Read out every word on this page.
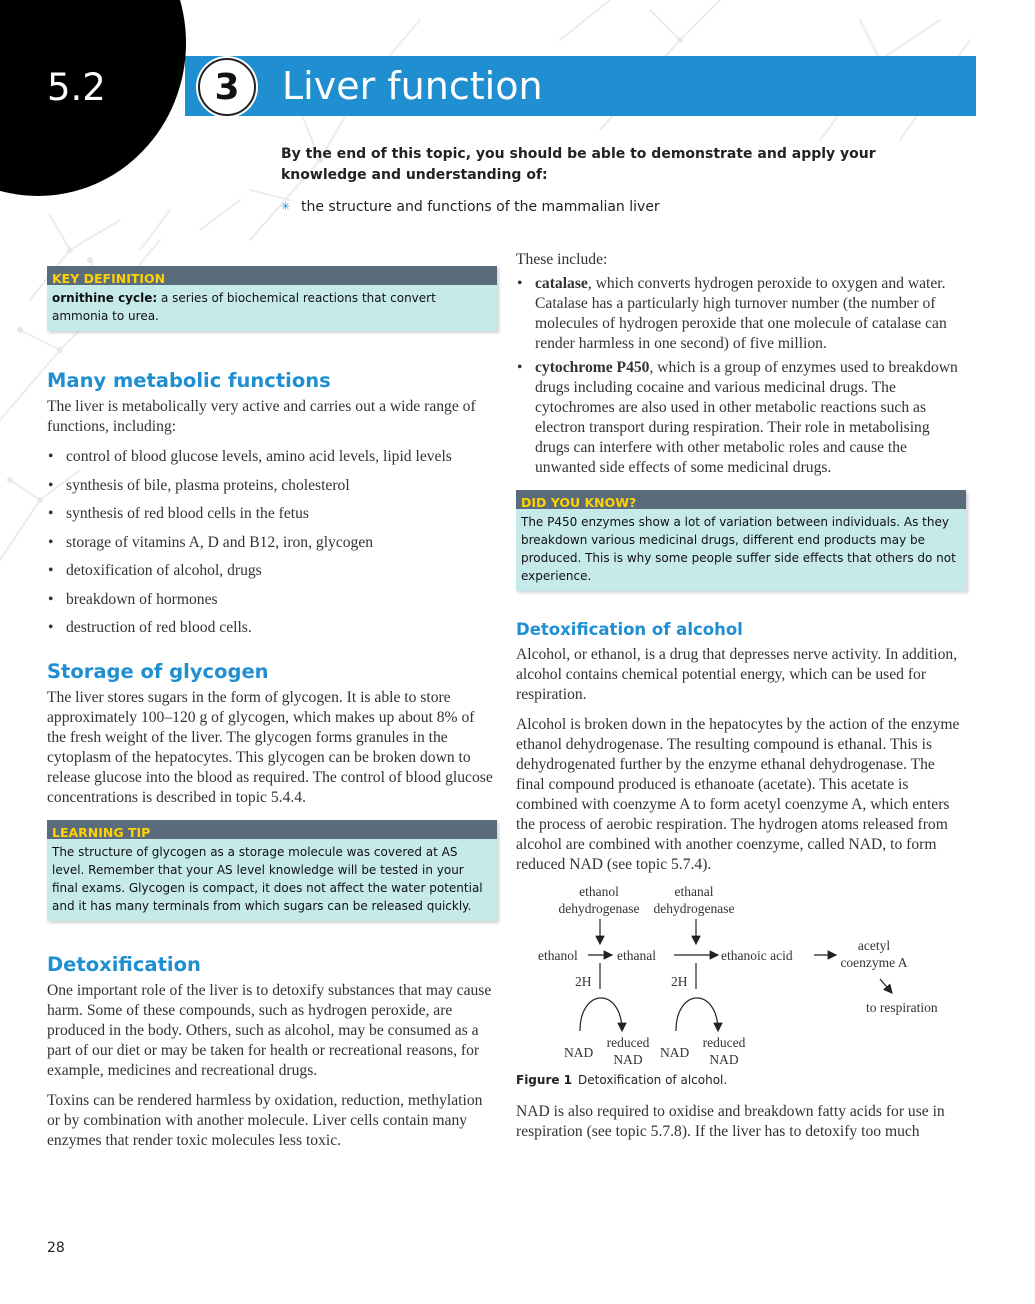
5.2	3	Liver function
By the end of this topic, you should be able to demonstrate and apply your knowledge and understanding of:
✳ the structure and functions of the mammalian liver
KEY DEFINITION
ornithine cycle: a series of biochemical reactions that convert ammonia to urea.
Many metabolic functions

The liver is metabolically very active and carries out a wide range of functions, including:

• control of blood glucose levels, amino acid levels, lipid levels
• synthesis of bile, plasma proteins, cholesterol
• synthesis of red blood cells in the fetus
• storage of vitamins A, D and B12, iron, glycogen
• detoxification of alcohol, drugs
• breakdown of hormones
• destruction of red blood cells.
Storage of glycogen

The liver stores sugars in the form of glycogen. It is able to store approximately 100–120 g of glycogen, which makes up about 8% of the fresh weight of the liver. The glycogen forms granules in the cytoplasm of the hepatocytes. This glycogen can be broken down to release glucose into the blood as required. The control of blood glucose concentrations is described in topic 5.4.4.

LEARNING TIP
The structure of glycogen as a storage molecule was covered at AS level. Remember that your AS level knowledge will be tested in your final exams. Glycogen is compact, it does not affect the water potential and it has many terminals from which sugars can be released quickly.
Detoxification

One important role of the liver is to detoxify substances that may cause harm. Some of these compounds, such as hydrogen peroxide, are produced in the body. Others, such as alcohol, may be consumed as a part of our diet or may be taken for health or recreational reasons, for example, medicines and recreational drugs.

Toxins can be rendered harmless by oxidation, reduction, methylation or by combination with another molecule. Liver cells contain many enzymes that render toxic molecules less toxic.

These include:

• catalase, which converts hydrogen peroxide to oxygen and water. Catalase has a particularly high turnover number (the number of molecules of hydrogen peroxide that one molecule of catalase can render harmless in one second) of five million.
• cytochrome P450, which is a group of enzymes used to breakdown drugs including cocaine and various medicinal drugs. The cytochromes are also used in other metabolic reactions such as electron transport during respiration. Their role in metabolising drugs can interfere with other metabolic roles and cause the unwanted side effects of some medicinal drugs.
DID YOU KNOW?
The P450 enzymes show a lot of variation between individuals. As they breakdown various medicinal drugs, different end products may be produced. This is why some people suffer side effects that others do not experience.
Detoxification of alcohol

Alcohol, or ethanol, is a drug that depresses nerve activity. In addition, alcohol contains chemical potential energy, which can be used for respiration.

Alcohol is broken down in the hepatocytes by the action of the enzyme ethanol dehydrogenase. The resulting compound is ethanal. This is dehydrogenated further by the enzyme ethanal dehydrogenase. The final compound produced is ethanoate (acetate). This acetate is combined with coenzyme A to form acetyl coenzyme A, which enters the process of aerobic respiration. The hydrogen atoms released from alcohol are combined with another coenzyme, called NAD, to form reduced NAD (see topic 5.7.4).

ethanol
dehydrogenase
ethanal
dehydrogenase
ethanol	ethanal	ethanoic acid
acetyl
coenzyme A
to respiration
2H	2H
NAD
reduced
NAD	NAD
reduced
NAD
Figure 1 Detoxification of alcohol.

NAD is also required to oxidise and breakdown fatty acids for use in respiration (see topic 5.7.8). If the liver has to detoxify too much

28
